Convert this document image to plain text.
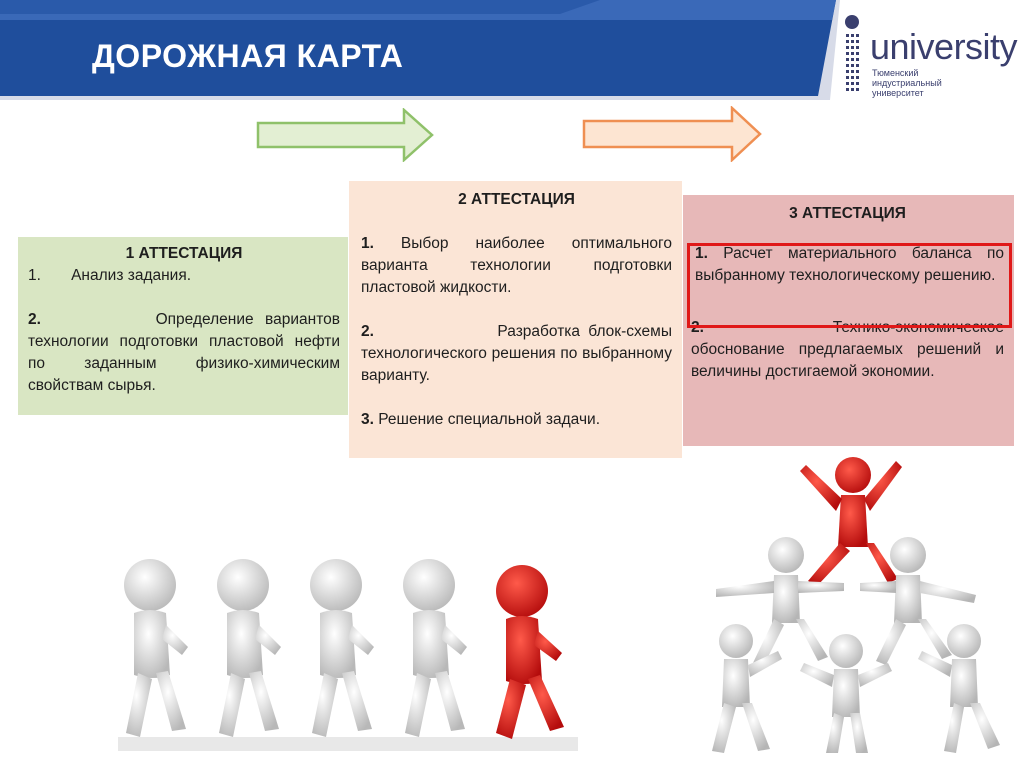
ДОРОЖНАЯ КАРТА	university
Тюменский индустриальный университет
1 АТТЕСТАЦИЯ

1. Анализ задания.

2.	Определение вариантов технологии подготовки пластовой нефти по заданным физико-химическим свойствам сырья.

2 АТТЕСТАЦИЯ

1. Выбор наиболее оптимального варианта технологии подготовки пластовой жидкости.

2.	Разработка блок-схемы технологического решения по выбранному варианту.

3. Решение специальной задачи.

3 АТТЕСТАЦИЯ

1. Расчет материального баланса по выбранному технологическому решению.

2.	Технико-экономическое обоснование предлагаемых решений и величины достигаемой экономии.
